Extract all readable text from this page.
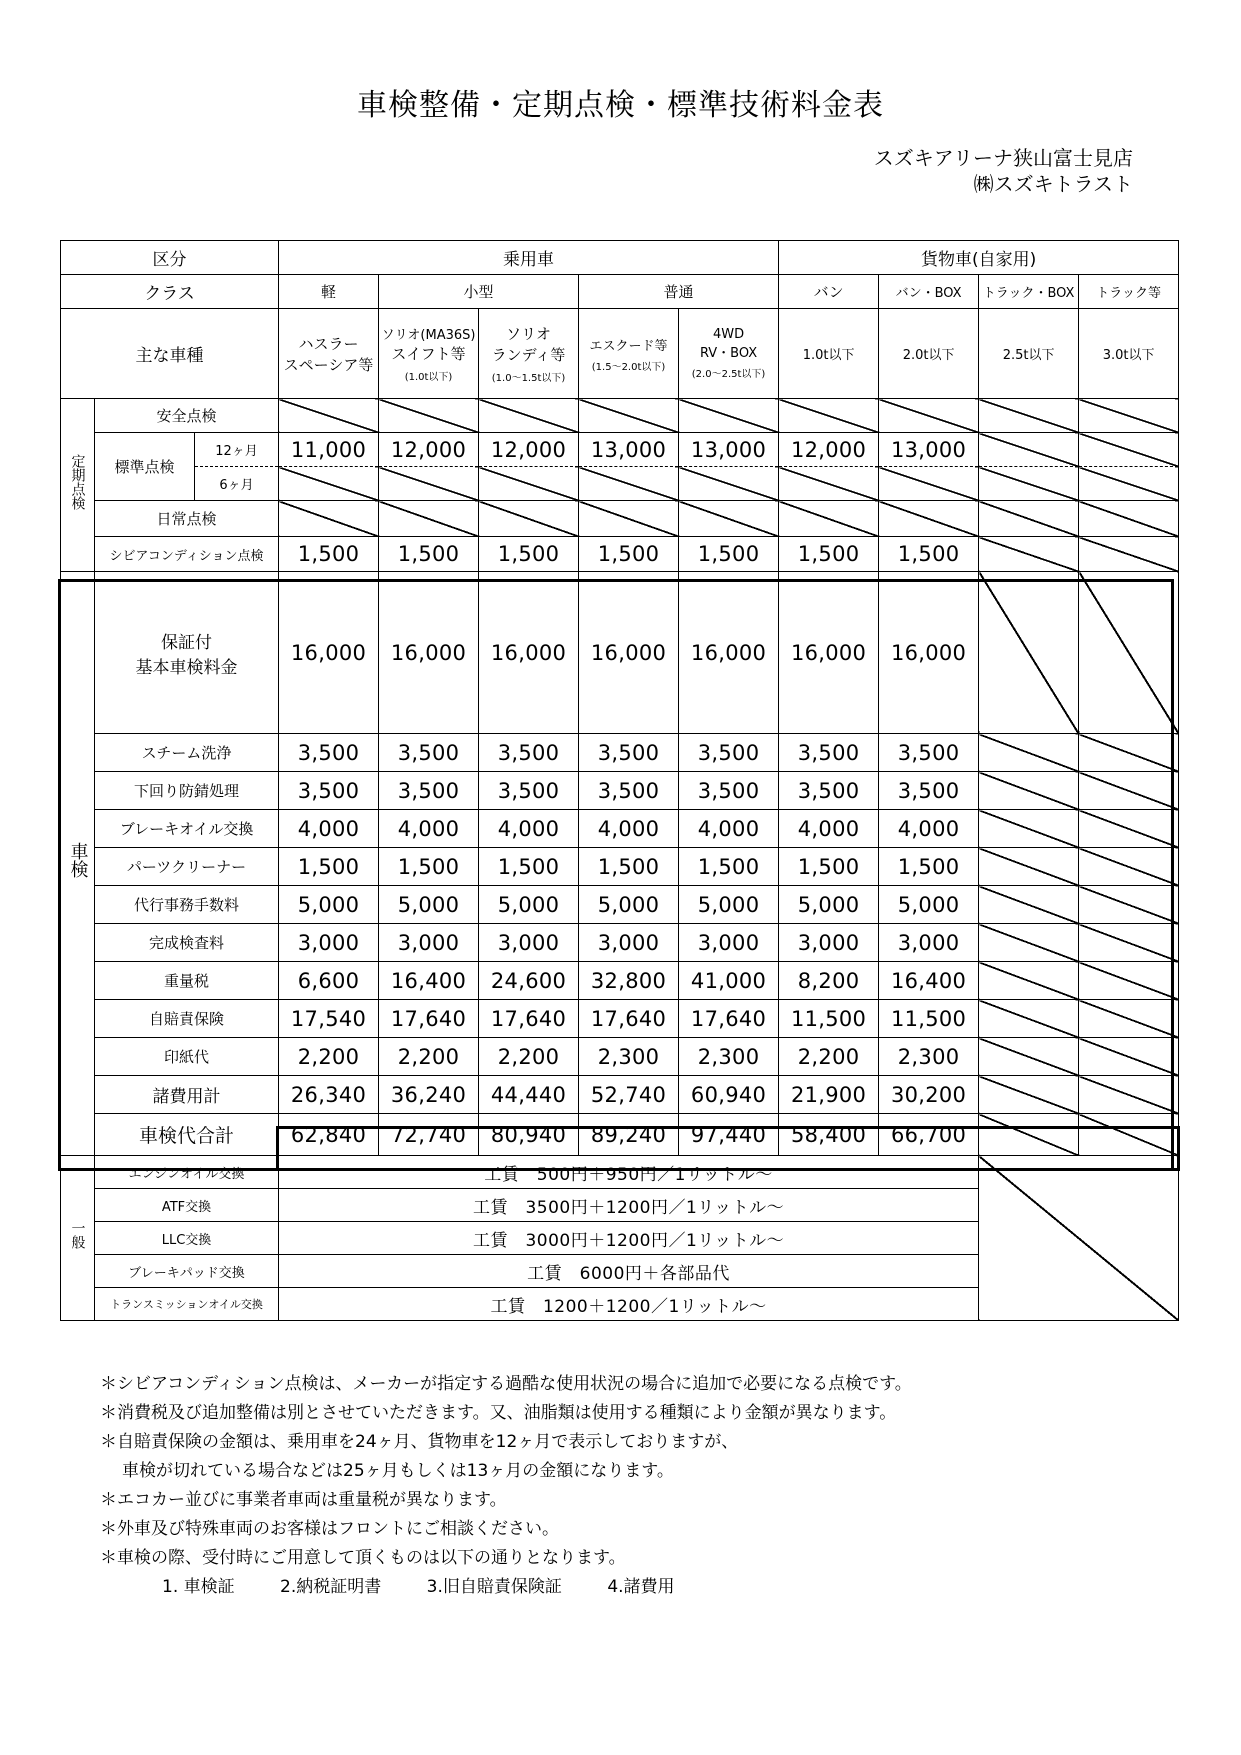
車検整備・定期点検・標準技術料金表
スズキアリーナ狭山富士見店
㈱スズキトラスト
区分			乗用車					貨物車(自家用)			
クラス			軽	小型		普通		バン	バン・BOX	トラック・BOX	トラック等
主な車種			ハスラー
スペーシア等	ソリオ(MA36S)
スイフト等
(1.0t以下)	ソリオ
ランディ等
(1.0～1.5t以下)	エスクード等
(1.5～2.0t以下)	4WD
RV・BOX
(2.0～2.5t以下)	1.0t以下	2.0t以下	2.5t以下	3.0t以下
定期点検	安全点検										
	標準点検	12ヶ月	11,000	12,000	12,000	13,000	13,000	12,000	13,000		
		6ヶ月									
	日常点検										
	シビアコンディション点検		1,500	1,500	1,500	1,500	1,500	1,500	1,500		
車検	保証付
基本車検料金		16,000	16,000	16,000	16,000	16,000	16,000	16,000		
	スチーム洗浄		3,500	3,500	3,500	3,500	3,500	3,500	3,500		
	下回り防錆処理		3,500	3,500	3,500	3,500	3,500	3,500	3,500		
	ブレーキオイル交換		4,000	4,000	4,000	4,000	4,000	4,000	4,000		
	パーツクリーナー		1,500	1,500	1,500	1,500	1,500	1,500	1,500		
	代行事務手数料		5,000	5,000	5,000	5,000	5,000	5,000	5,000		
	完成検査料		3,000	3,000	3,000	3,000	3,000	3,000	3,000		
	重量税		6,600	16,400	24,600	32,800	41,000	8,200	16,400		
	自賠責保険		17,540	17,640	17,640	17,640	17,640	11,500	11,500		
	印紙代		2,200	2,200	2,200	2,300	2,300	2,200	2,300		
	諸費用計		26,340	36,240	44,440	52,740	60,940	21,900	30,200		
	車検代合計		62,840	72,740	80,940	89,240	97,440	58,400	66,700		
一般	エンジンオイル交換		工賃　500円＋950円／1リットル～								
	ATF交換		工賃　3500円＋1200円／1リットル～								
	LLC交換		工賃　3000円＋1200円／1リットル～								
	ブレーキパッド交換		工賃　6000円＋各部品代								
	トランスミッションオイル交換		工賃　1200＋1200／1リットル～								
＊シビアコンディション点検は、メーカーが指定する過酷な使用状況の場合に追加で必要になる点検です。
＊消費税及び追加整備は別とさせていただきます。又、油脂類は使用する種類により金額が異なります。
＊自賠責保険の金額は、乗用車を24ヶ月、貨物車を12ヶ月で表示しておりますが、
車検が切れている場合などは25ヶ月もしくは13ヶ月の金額になります。
＊エコカー並びに事業者車両は重量税が異なります。
＊外車及び特殊車両のお客様はフロントにご相談ください。
＊車検の際、受付時にご用意して頂くものは以下の通りとなります。
1. 車検証	2.納税証明書	3.旧自賠責保険証	4.諸費用
